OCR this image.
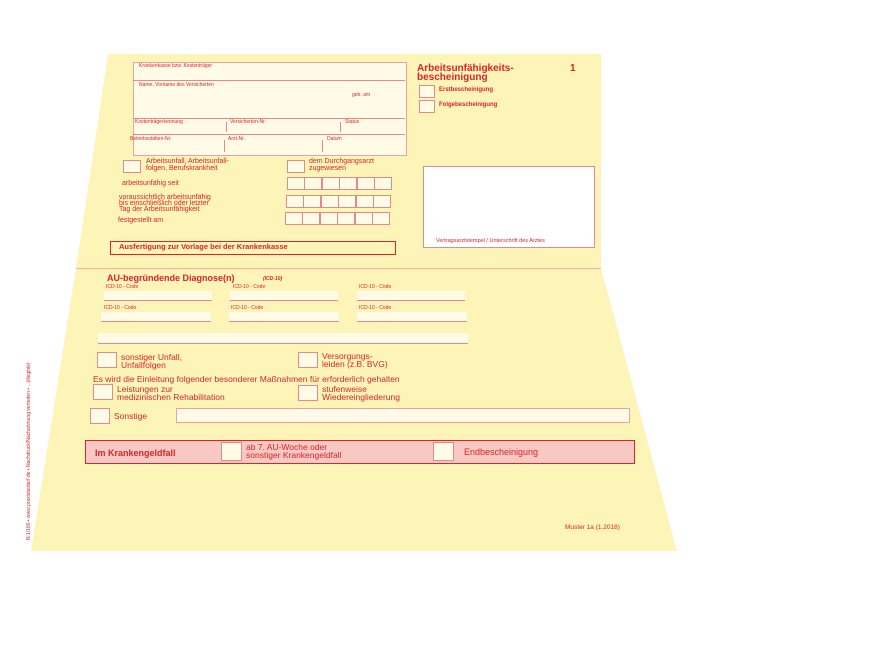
Krankenkasse bzw. Kostenträger
Name, Vorname des Versicherten
geb. am
Kostenträgerkennung	Versicherten-Nr.	Status
Betriebsstätten-Nr.	Arzt-Nr.	Datum
Arbeitsunfähigkeits-
bescheinigung
1
Erstbescheinigung
Folgebescheinigung
Arbeitsunfall, Arbeitsunfall-
folgen, Berufskrankheit
dem Durchgangsarzt
zugewiesen
arbeitsunfähig seit
voraussichtlich arbeitsunfähig
bis einschließlich oder letzter
Tag der Arbeitsunfähigkeit
festgestellt am
Vertragsarztstempel / Unterschrift des Arztes
Ausfertigung zur Vorlage bei der Krankenkasse
AU-begründende Diagnose(n)	(ICD-10)
ICD-10 - Code	ICD-10 - Code	ICD-10 - Code
ICD-10 - Code	ICD-10 - Code	ICD-10 - Code
sonstiger Unfall,
Unfallfolgen
Versorgungs-
leiden (z.B. BVG)
Es wird die Einleitung folgender besonderer Maßnahmen für erforderlich gehalten
Leistungen zur
medizinischen Rehabilitation
stufenweise
Wiedereingliederung
Sonstige
Im Krankengeldfall
ab 7. AU-Woche oder
sonstiger Krankengeldfall	Endbescheinigung
Muster 1a (1.2018)
N 1/180 • www.praxisbedarf.de • Nachdruck/Nachahmung verboten • ...(illegible)
